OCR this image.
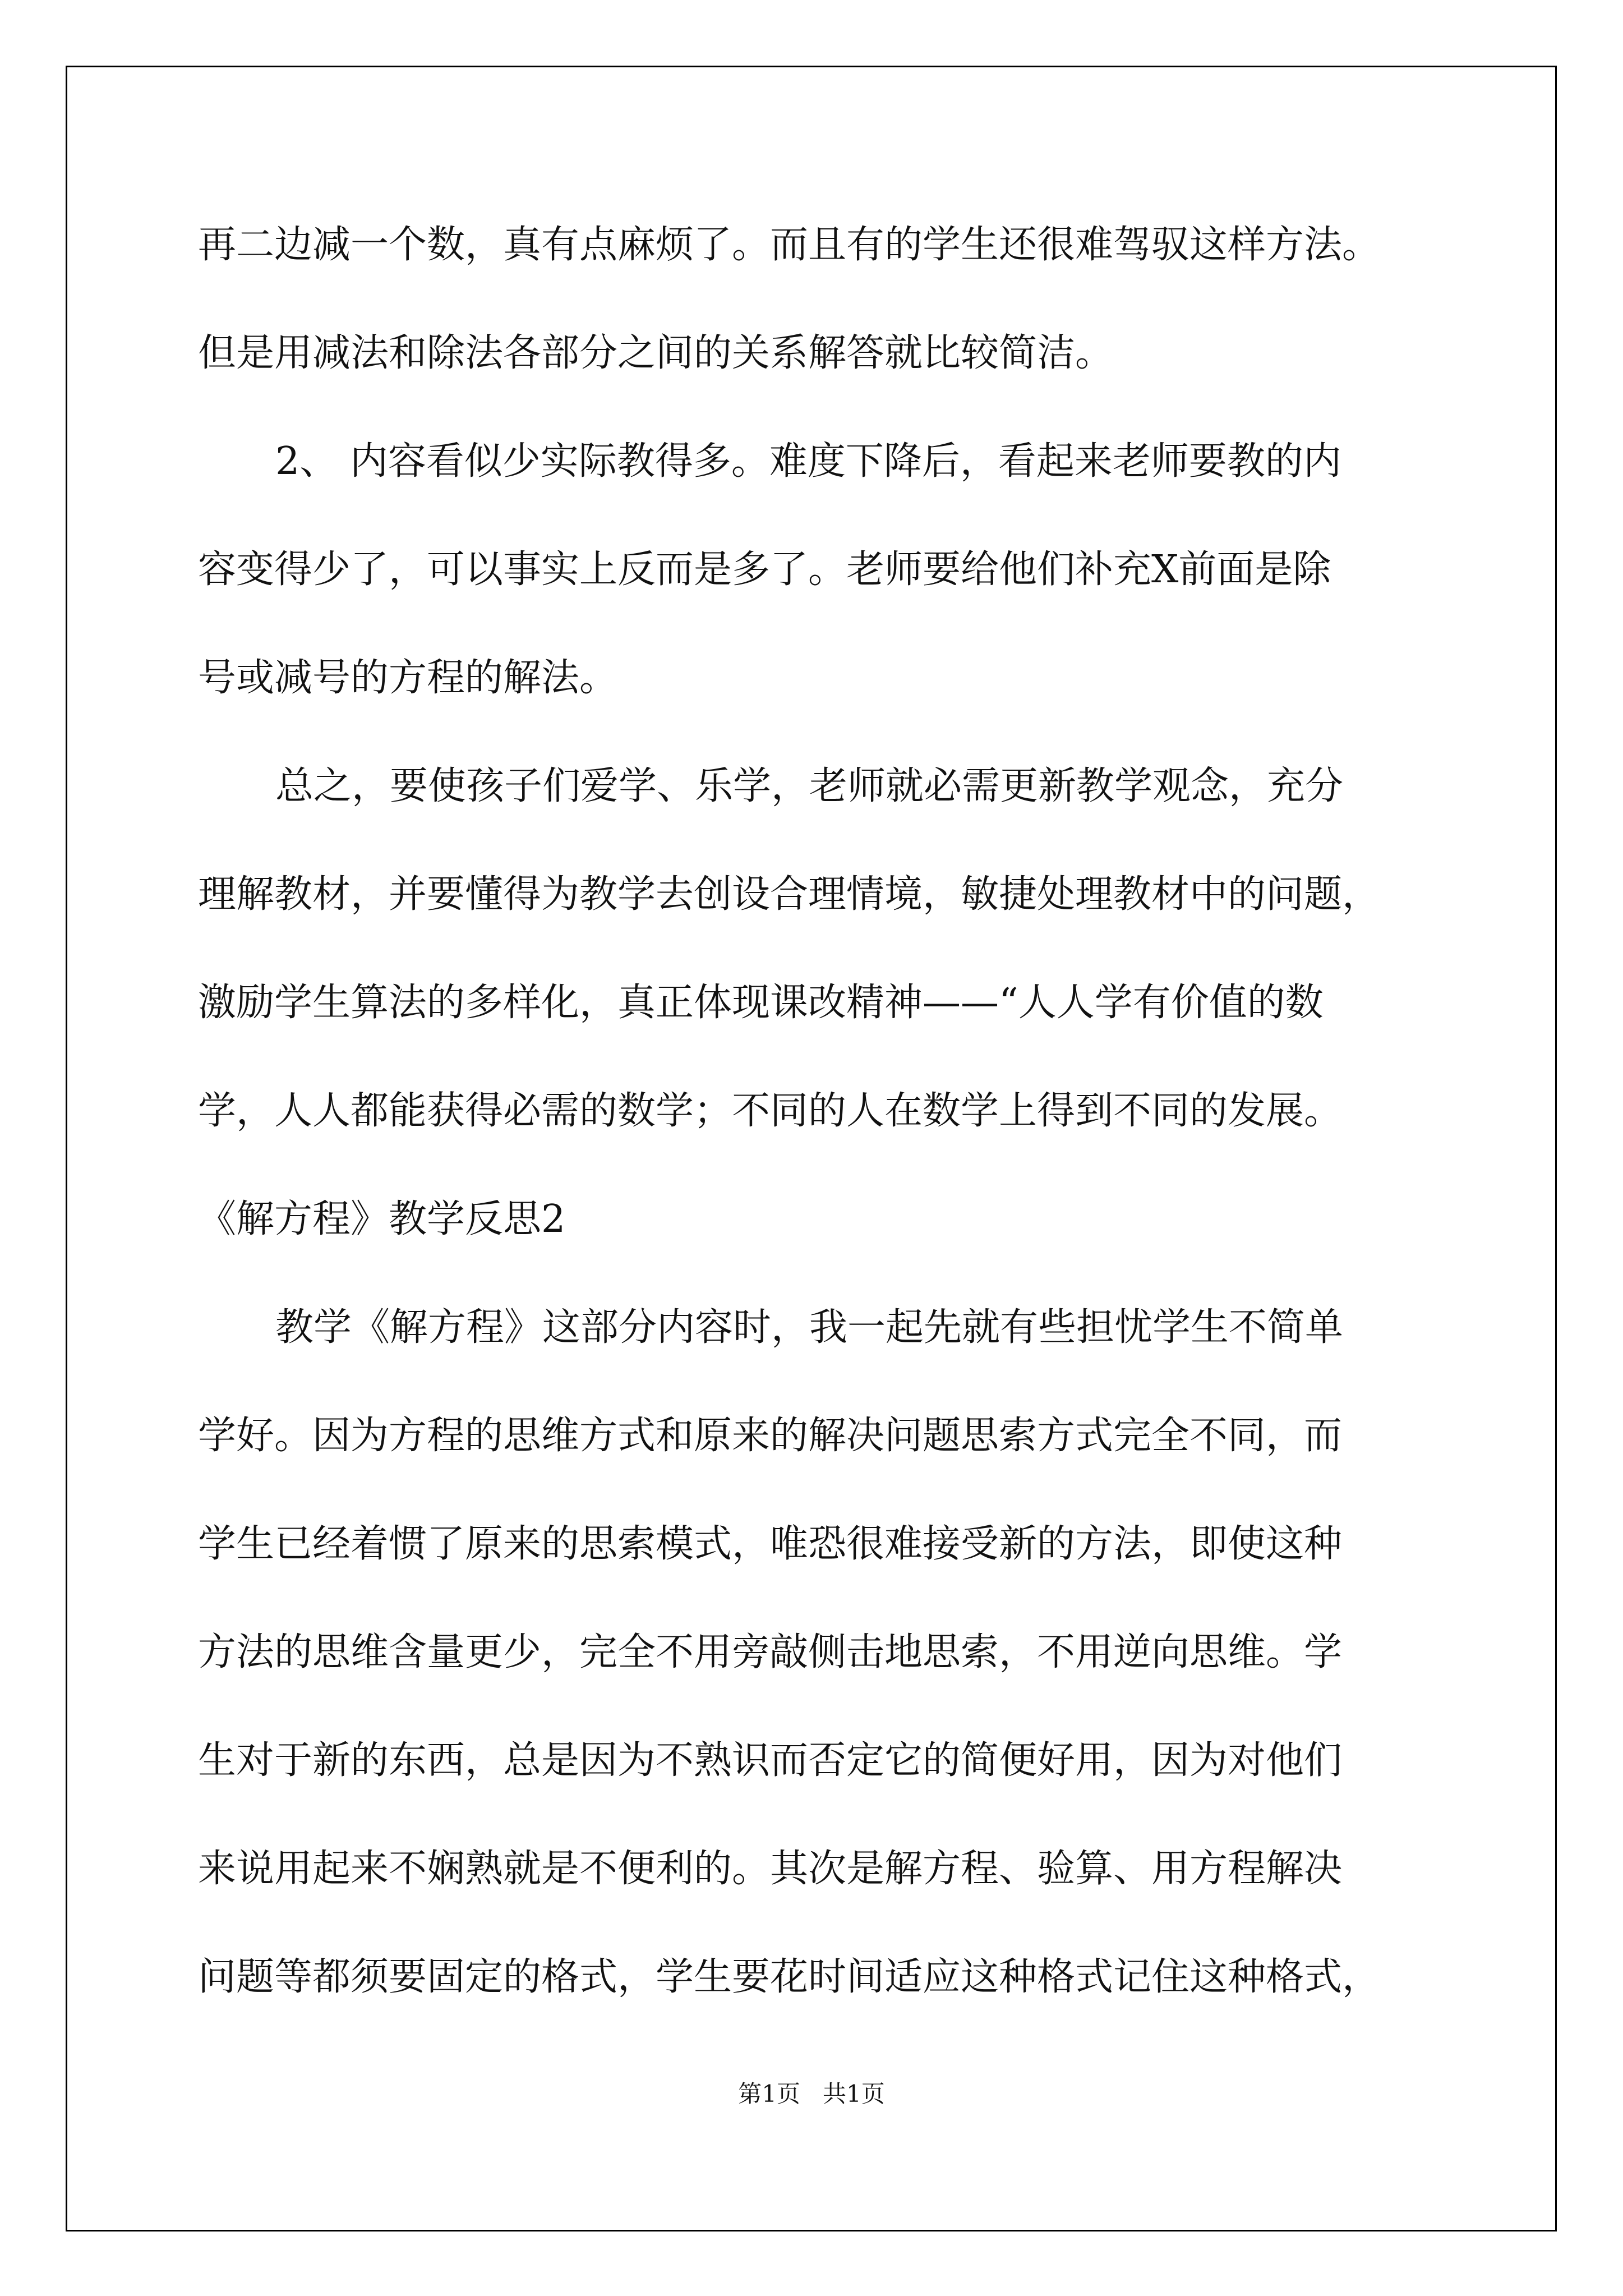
再二边减一个数，真有点麻烦了。而且有的学生还很难驾驭这样方法。
但是用减法和除法各部分之间的关系解答就比较简洁。
2、 内容看似少实际教得多。难度下降后，看起来老师要教的内
容变得少了，可以事实上反而是多了。老师要给他们补充X前面是除
号或减号的方程的解法。
总之，要使孩子们爱学、乐学，老师就必需更新教学观念，充分
理解教材，并要懂得为教学去创设合理情境，敏捷处理教材中的问题，
激励学生算法的多样化，真正体现课改精神——“人人学有价值的数
学，人人都能获得必需的数学；不同的人在数学上得到不同的发展。
《解方程》教学反思2
教学《解方程》这部分内容时，我一起先就有些担忧学生不简单
学好。因为方程的思维方式和原来的解决问题思索方式完全不同，而
学生已经着惯了原来的思索模式，唯恐很难接受新的方法，即使这种
方法的思维含量更少，完全不用旁敲侧击地思索，不用逆向思维。学
生对于新的东西，总是因为不熟识而否定它的简便好用，因为对他们
来说用起来不娴熟就是不便利的。其次是解方程、验算、用方程解决
问题等都须要固定的格式，学生要花时间适应这种格式记住这种格式，
第1页 共1页
